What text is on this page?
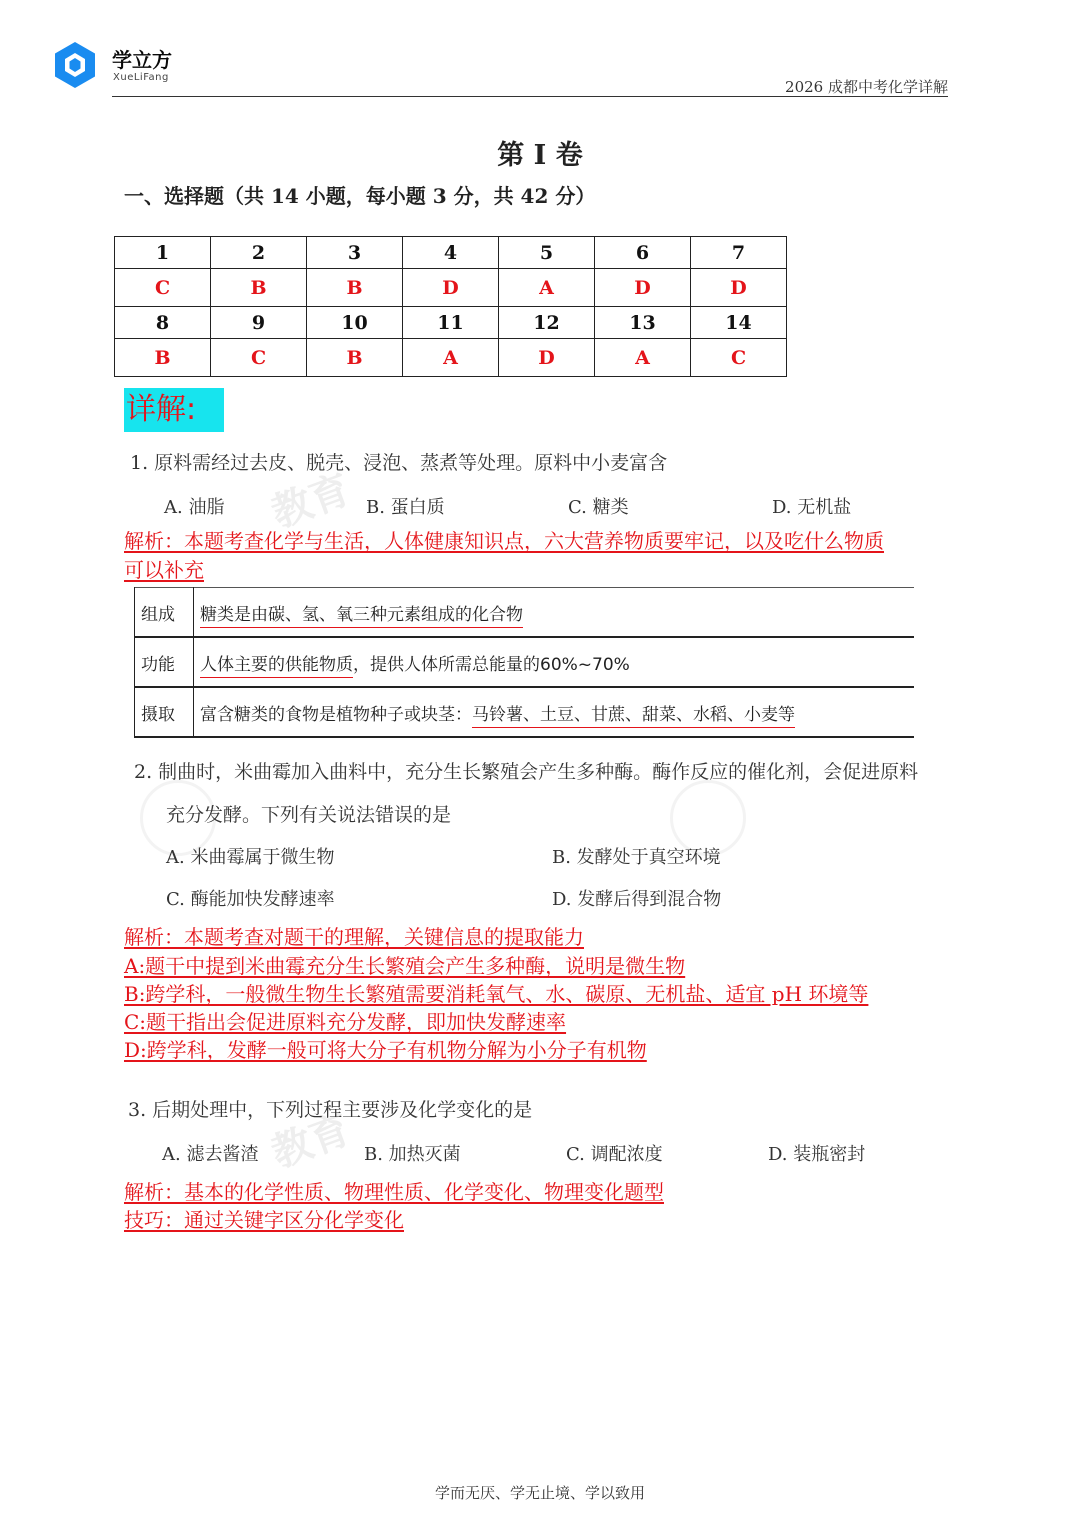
教育
教育
学立方
XueLiFang
2026 成都中考化学详解
第 I 卷
一、选择题（共 14 小题，每小题 3 分，共 42 分）
1	2	3	4	5	6	7
C	B	B	D	A	D	D
8	9	10	11	12	13	14
B	C	B	A	D	A	C
详解:
1. 原料需经过去皮、脱壳、浸泡、蒸煮等处理。原料中小麦富含
A. 油脂	B. 蛋白质	C. 糖类	D. 无机盐
解析：本题考查化学与生活，人体健康知识点，六大营养物质要牢记，以及吃什么物质
可以补充
组成	糖类是由碳、氢、氧三种元素组成的化合物
功能	人体主要的供能物质，提供人体所需总能量的60%~70%
摄取	富含糖类的食物是植物种子或块茎：马铃薯、土豆、甘蔗、甜菜、水稻、小麦等
2. 制曲时，米曲霉加入曲料中，充分生长繁殖会产生多种酶。酶作反应的催化剂，会促进原料
充分发酵。下列有关说法错误的是
A. 米曲霉属于微生物	B. 发酵处于真空环境
C. 酶能加快发酵速率	D. 发酵后得到混合物
解析：本题考查对题干的理解，关键信息的提取能力
A:题干中提到米曲霉充分生长繁殖会产生多种酶，说明是微生物
B:跨学科，一般微生物生长繁殖需要消耗氧气、水、碳原、无机盐、适宜 pH 环境等
C:题干指出会促进原料充分发酵，即加快发酵速率
D:跨学科，发酵一般可将大分子有机物分解为小分子有机物
3. 后期处理中，下列过程主要涉及化学变化的是
A. 滤去酱渣	B. 加热灭菌	C. 调配浓度	D. 装瓶密封
解析：基本的化学性质、物理性质、化学变化、物理变化题型
技巧：通过关键字区分化学变化
学而无厌、学无止境、学以致用
